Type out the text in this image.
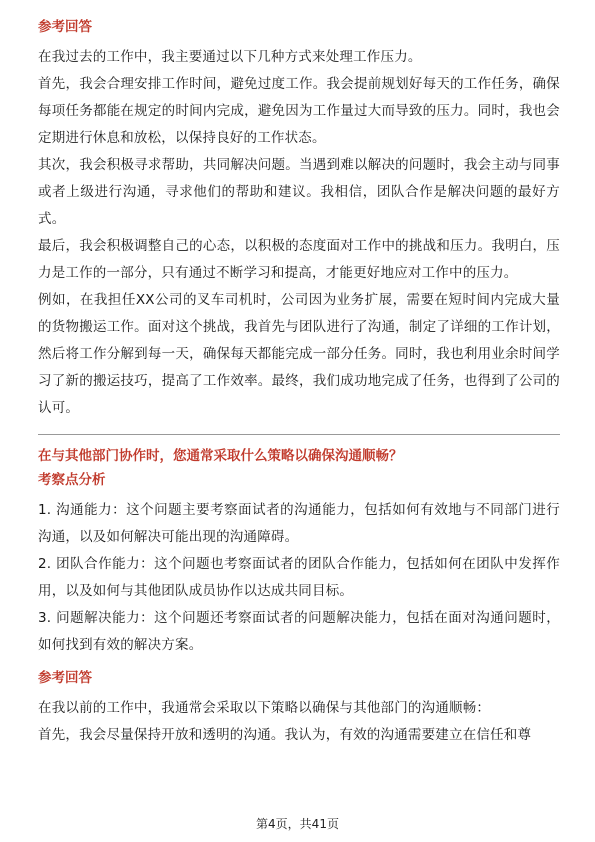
参考回答

在我过去的工作中，我主要通过以下几种方式来处理工作压力。

首先，我会合理安排工作时间，避免过度工作。我会提前规划好每天的工作任务，确保每项任务都能在规定的时间内完成，避免因为工作量过大而导致的压力。同时，我也会定期进行休息和放松，以保持良好的工作状态。

其次，我会积极寻求帮助，共同解决问题。当遇到难以解决的问题时，我会主动与同事或者上级进行沟通，寻求他们的帮助和建议。我相信，团队合作是解决问题的最好方式。

最后，我会积极调整自己的心态，以积极的态度面对工作中的挑战和压力。我明白，压力是工作的一部分，只有通过不断学习和提高，才能更好地应对工作中的压力。

例如，在我担任XX公司的叉车司机时，公司因为业务扩展，需要在短时间内完成大量的货物搬运工作。面对这个挑战，我首先与团队进行了沟通，制定了详细的工作计划，然后将工作分解到每一天，确保每天都能完成一部分任务。同时，我也利用业余时间学习了新的搬运技巧，提高了工作效率。最终，我们成功地完成了任务，也得到了公司的认可。

在与其他部门协作时，您通常采取什么策略以确保沟通顺畅？
考察点分析

1. 沟通能力：这个问题主要考察面试者的沟通能力，包括如何有效地与不同部门进行沟通，以及如何解决可能出现的沟通障碍。

2. 团队合作能力：这个问题也考察面试者的团队合作能力，包括如何在团队中发挥作用，以及如何与其他团队成员协作以达成共同目标。

3. 问题解决能力：这个问题还考察面试者的问题解决能力，包括在面对沟通问题时，如何找到有效的解决方案。

参考回答

在我以前的工作中，我通常会采取以下策略以确保与其他部门的沟通顺畅：

首先，我会尽量保持开放和透明的沟通。我认为，有效的沟通需要建立在信任和尊

第4页，共41页
